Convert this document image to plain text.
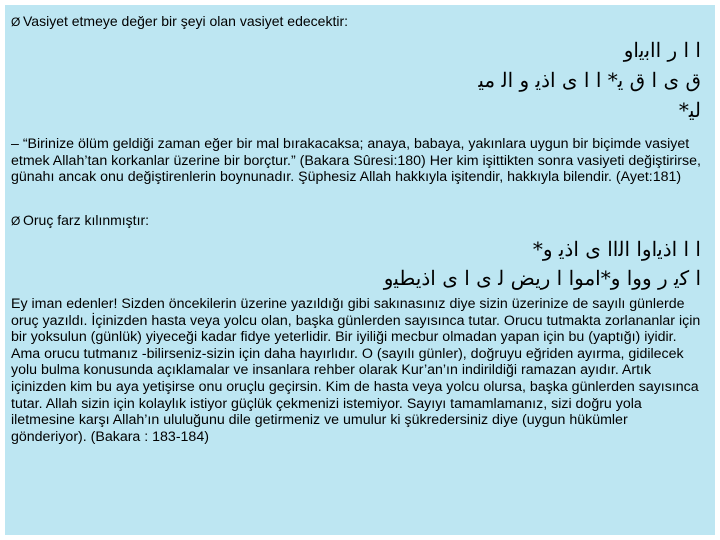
Ø Vasiyet etmeye değer bir şeyi olan vasiyet edecektir:
ﺍ ﺍ ﺭ ﺍﺍﺑﻳﺍﻭ
ﻕ ﻯ ﺍ ﻕ ﻳ* ﺍ ﺍ ﻯ ﺍﺫﻳ ﻭ ﺍﻟ ﻣﻴ
ﻟﻴ*
– “Birinize ölüm geldiği zaman eğer bir mal bırakacaksa; anaya, babaya, yakınlara uygun bir biçimde vasiyet etmek Allah’tan korkanlar üzerine bir borçtur.” (Bakara Sûresi:180) Her kim işittikten sonra vasiyeti değiştirirse, günahı ancak onu değiştirenlerin boynunadır. Şüphesiz Allah hakkıyla işitendir, hakkıyla bilendir. (Ayet:181)
Ø Oruç farz kılınmıştır:
ﺍ ﺍ ﺍﺫﻳﺍﻭﺍ ﺍﻟﺍﺍ ﻯ ﺍﺫﻳ ﻭ*
ﺍ ﻛﻳ ﺭ ﻭﻭﺍ ﻭ*ﺍﻣﻮﺍ ﺍ ﺭﻳﺾ ﻟ ﻯ ﺍ ﻯ ﺍﺫﻳﻄﻴﻭ
Ey iman edenler! Sizden öncekilerin üzerine yazıldığı gibi sakınasınız diye sizin üzerinize de sayılı günlerde oruç yazıldı. İçinizden hasta veya yolcu olan, başka günlerden sayısınca tutar. Orucu tutmakta zorlananlar için bir yoksulun (günlük) yiyeceği kadar fidye yeterlidir. Bir iyiliği mecbur olmadan yapan için bu (yaptığı) iyidir. Ama orucu tutmanız -bilirseniz-sizin için daha hayırlıdır. O (sayılı günler), doğruyu eğriden ayırma, gidilecek yolu bulma konusunda açıklamalar ve insanlara rehber olarak Kur’an’ın indirildiği ramazan ayıdır. Artık içinizden kim bu aya yetişirse onu oruçlu geçirsin. Kim de hasta veya yolcu olursa, başka günlerden sayısınca tutar. Allah sizin için kolaylık istiyor güçlük çekmenizi istemiyor. Sayıyı tamamlamanız, sizi doğru yola iletmesine karşı Allah’ın ululuğunu dile getirmeniz ve umulur ki şükredersiniz diye (uygun hükümler gönderiyor). (Bakara : 183-184)
